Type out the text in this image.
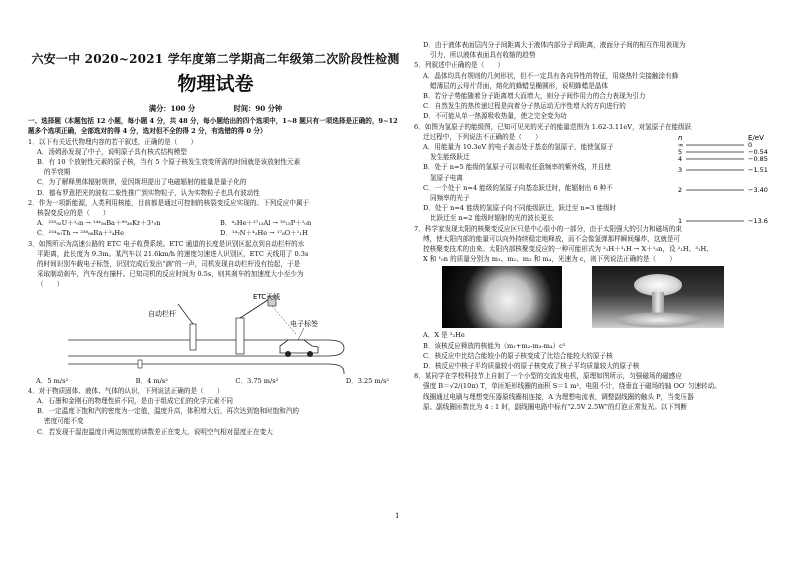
六安一中 2020~2021 学年度第二学期高二年级第二次阶段性检测
物理试卷
满分：100 分	时间：90 分钟

一、选择题（本题包括 12 小题，每小题 4 分，共 48 分，每小题给出的四个选项中，1~8 题只有一项选择是正确的，9~12 题多个选项正确，全部选对的得 4 分，选对但不全的得 2 分，有选错的得 0 分）

1．以下有关近代物理内容的若干叙述，正确的是（　　）

A．汤姆孙发现了中子，说明原子具有核式结构模型

B．有 10 个放射性元素的原子核，当有 5 个原子核发生衰变所需的时间就是该放射性元素

的半衰期

C．为了解释黑体辐射规律，爱因斯坦提出了电磁辐射的能量是量子化的

D．德布罗意把光的波粒二象性推广到实物粒子，认为实物粒子也具有波动性

2．作为一项新能源，人类利用核能，目前都是通过可控制的核裂变反应实现的。下列反应中属于

核裂变反应的是（　　）

A．²³⁵₉₂U＋¹₀n → ¹⁴⁴₅₆Ba＋⁸⁹₃₆Kr＋3¹₀n	B．⁴₂He＋²⁷₁₃Al → ³⁰₁₅P＋¹₀n
C．²³⁴₉₀Th → ²²⁶₈₈Ra＋²₄He	D．¹⁴₇N＋⁴₂He → ¹⁷₈O＋¹₁H

3．如图所示为高速公路的 ETC 电子收费系统。ETC 通道的长度是识别区起点到自动栏杆的水

平距离，此长度为 9.3m。某汽车以 21.6km/h 的速度匀速进入识别区，ETC 天线用了 0.3s

的时间识别车载电子标签，识别完成后发出"滴"的一声，司机发现自动栏杆没有抬起，于是

采取制动刹车，汽车没有撞杆。已知司机的反应时间为 0.5s，则其刹车的加速度大小至少为

（　　）

ETC天线
自动栏杆
电子标签
A．5 m/s²	B．4 m/s²	C．3.75 m/s²	D．3.25 m/s²

4．对于物质固体、液体、气体的认识，下列说法正确的是（　　）

A．石墨和金刚石的物理性质不同，是由于组成它们的化学元素不同

B．一定温度下饱和汽的密度为一定值，温度升高，体积增大后，再次达到饱和时饱和汽的

密度可能不变

C．若发现干湿泡温度计两边刻度的读数差正在变大，说明空气相对湿度正在变大

D．由于液体表面层内分子间距离大于液体内部分子间距离，液面分子间的相互作用表现为

引力，所以液体表面具有收缩的趋势

5．列叙述中正确的是（　　）

A．晶体均具有规则的几何形状，但不一定具有各向异性的特征，用烧热针尖接触涂有蜂

蜡薄层的云母片背面，熔化的蜂蜡呈椭圆形，说明蜂蜡是晶体

B．若分子势能随着分子距离增大而增大，则分子间作用力的合力表现为引力

C．自然发生的热传递过程是向着分子热运动无序性增大的方向进行的

D．不可能从单一热源吸收热量，使之完全变为功

6．如图为氢原子的能级图，已知可见光的光子的能量范围为 1.62-3.11eV，对氢原子在能级跃

迁过程中，下列说法不正确的是（　　）

A．用能量为 10.3eV 的电子轰击处于基态的氢原子，能使氢原子

发生能级跃迁

B．处于 n=5 能级的氢原子可以吸收任意频率的紫外线，并且使

氢原子电离

C．一个处于 n=4 能级的氢原子向基态跃迁时，能辐射出 6 种不

同频率的光子

D．处于 n=4 能级的氢原子向不同能级跃迁，跃迁至 n=3 能级时

比跃迁至 n=2 能级时辐射的光的波长更长

n	E/eV
∞	0
5	−0.54
4	−0.85
3	−1.51
2	−3.40
1	−13.6

7．科学家发现太阳的核聚变反应区只是中心很小的一部分，由于太阳强大的引力和磁场的束

缚，使太阳内部的能量可以向外持续稳定地释放，而不会像氢弹那样瞬间爆炸，这就是可

控核聚变技术的由来。太阳内部核聚变反应的一种可能形式为 ²₁H＋³₁H → X＋¹₀n，设 ²₁H、³₁H、

X 和 ¹₀n 的质量分别为 m₁、m₂、m₃ 和 m₄，光速为 c，则下列说法正确的是（　　）

A．X 是 ³₂He

B．该核反应释放的核能为（m₁+m₂-m₃-m₄）c²

C．核反应中比结合能较小的原子核变成了比结合能较大的原子核

D．核反应中核子平均质量较小的原子核变成了核子平均质量较大的原子核

8．某同学在学校科技节上自制了一个小型的交流发电机，原理如图所示，匀强磁场的磁感应

强度 B＝√2/(10π) T，单匝矩形线圈的面积 S＝1 m²，电阻不计，绕垂直于磁场的轴 OO′ 匀速转动。

线圈通过电刷与理想变压器原线圈相连接，A 为理想电流表，调整副线圈的触头 P，当变压器

原、副线圈匝数比为 4 : 1 时，副线圈电路中标有"2.5V 2.5W"的灯泡正常发光。以下判断

1
